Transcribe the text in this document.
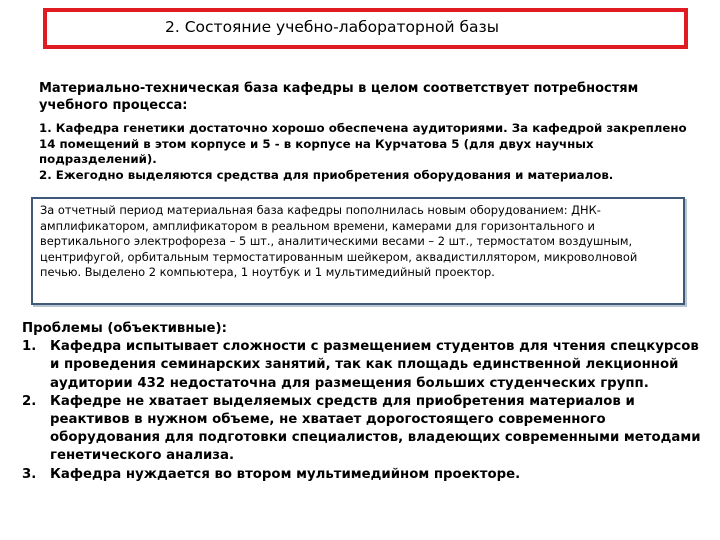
2. Состояние учебно-лабораторной базы
Материально-техническая база кафедры в целом соответствует потребностям учебного процесса:

1. Кафедра генетики достаточно хорошо обеспечена аудиториями. За кафедрой закреплено 14 помещений в этом корпусе и 5 - в корпусе на Курчатова 5 (для двух научных подразделений).

2. Ежегодно выделяются средства для приобретения оборудования и материалов.

За отчетный период материальная база кафедры пополнилась новым оборудованием: ДНК-амплификатором, амплификатором в реальном времени, камерами для горизонтального и вертикального электрофореза – 5 шт., аналитическими весами – 2 шт., термостатом воздушным, центрифугой, орбитальным термостатированным шейкером, аквадистиллятором, микроволновой печью. Выделено 2 компьютера, 1 ноутбук и 1 мультимедийный проектор.

Проблемы (объективные):

1. Кафедра испытывает сложности с размещением студентов для чтения спецкурсов и проведения семинарских занятий, так как площадь единственной лекционной аудитории 432 недостаточна для размещения больших студенческих групп.
2. Кафедре не хватает выделяемых средств для приобретения материалов и реактивов в нужном объеме, не хватает дорогостоящего современного оборудования для подготовки специалистов, владеющих современными методами генетического анализа.
3. Кафедра нуждается во втором мультимедийном проекторе.
